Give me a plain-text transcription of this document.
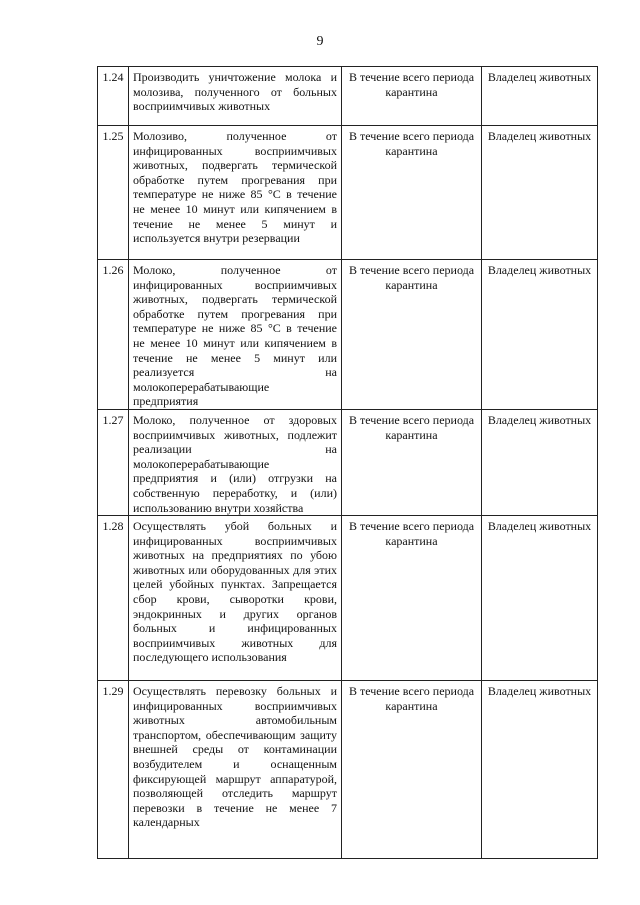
9
1.24	Производить уничтожение молока и молозива, полученного от больных восприимчивых животных	В течение всего периода карантина	Владелец животных
1.25	Молозиво, полученное от инфицированных восприимчивых животных, подвергать термической обработке путем прогревания при температуре не ниже 85 °C в течение не менее 10 минут или кипячением в течение не менее 5 минут и используется внутри резервации	В течение всего периода карантина	Владелец животных
1.26	Молоко, полученное от инфицированных восприимчивых животных, подвергать термической обработке путем прогревания при температуре не ниже 85 °C в течение не менее 10 минут или кипячением в течение не менее 5 минут или реализуется на молокоперерабатывающие предприятия	В течение всего периода карантина	Владелец животных
1.27	Молоко, полученное от здоровых восприимчивых животных, подлежит реализации на молокоперерабатывающие предприятия и (или) отгрузки на собственную переработку, и (или) использованию внутри хозяйства	В течение всего периода карантина	Владелец животных
1.28	Осуществлять убой больных и инфицированных восприимчивых животных на предприятиях по убою животных или оборудованных для этих целей убойных пунктах. Запрещается сбор крови, сыворотки крови, эндокринных и других органов больных и инфицированных восприимчивых животных для последующего использования	В течение всего периода карантина	Владелец животных
1.29	Осуществлять перевозку больных и инфицированных восприимчивых животных автомобильным транспортом, обеспечивающим защиту внешней среды от контаминации возбудителем и оснащенным фиксирующей маршрут аппаратурой, позволяющей отследить маршрут перевозки в течение не менее 7 календарных	В течение всего периода карантина	Владелец животных
